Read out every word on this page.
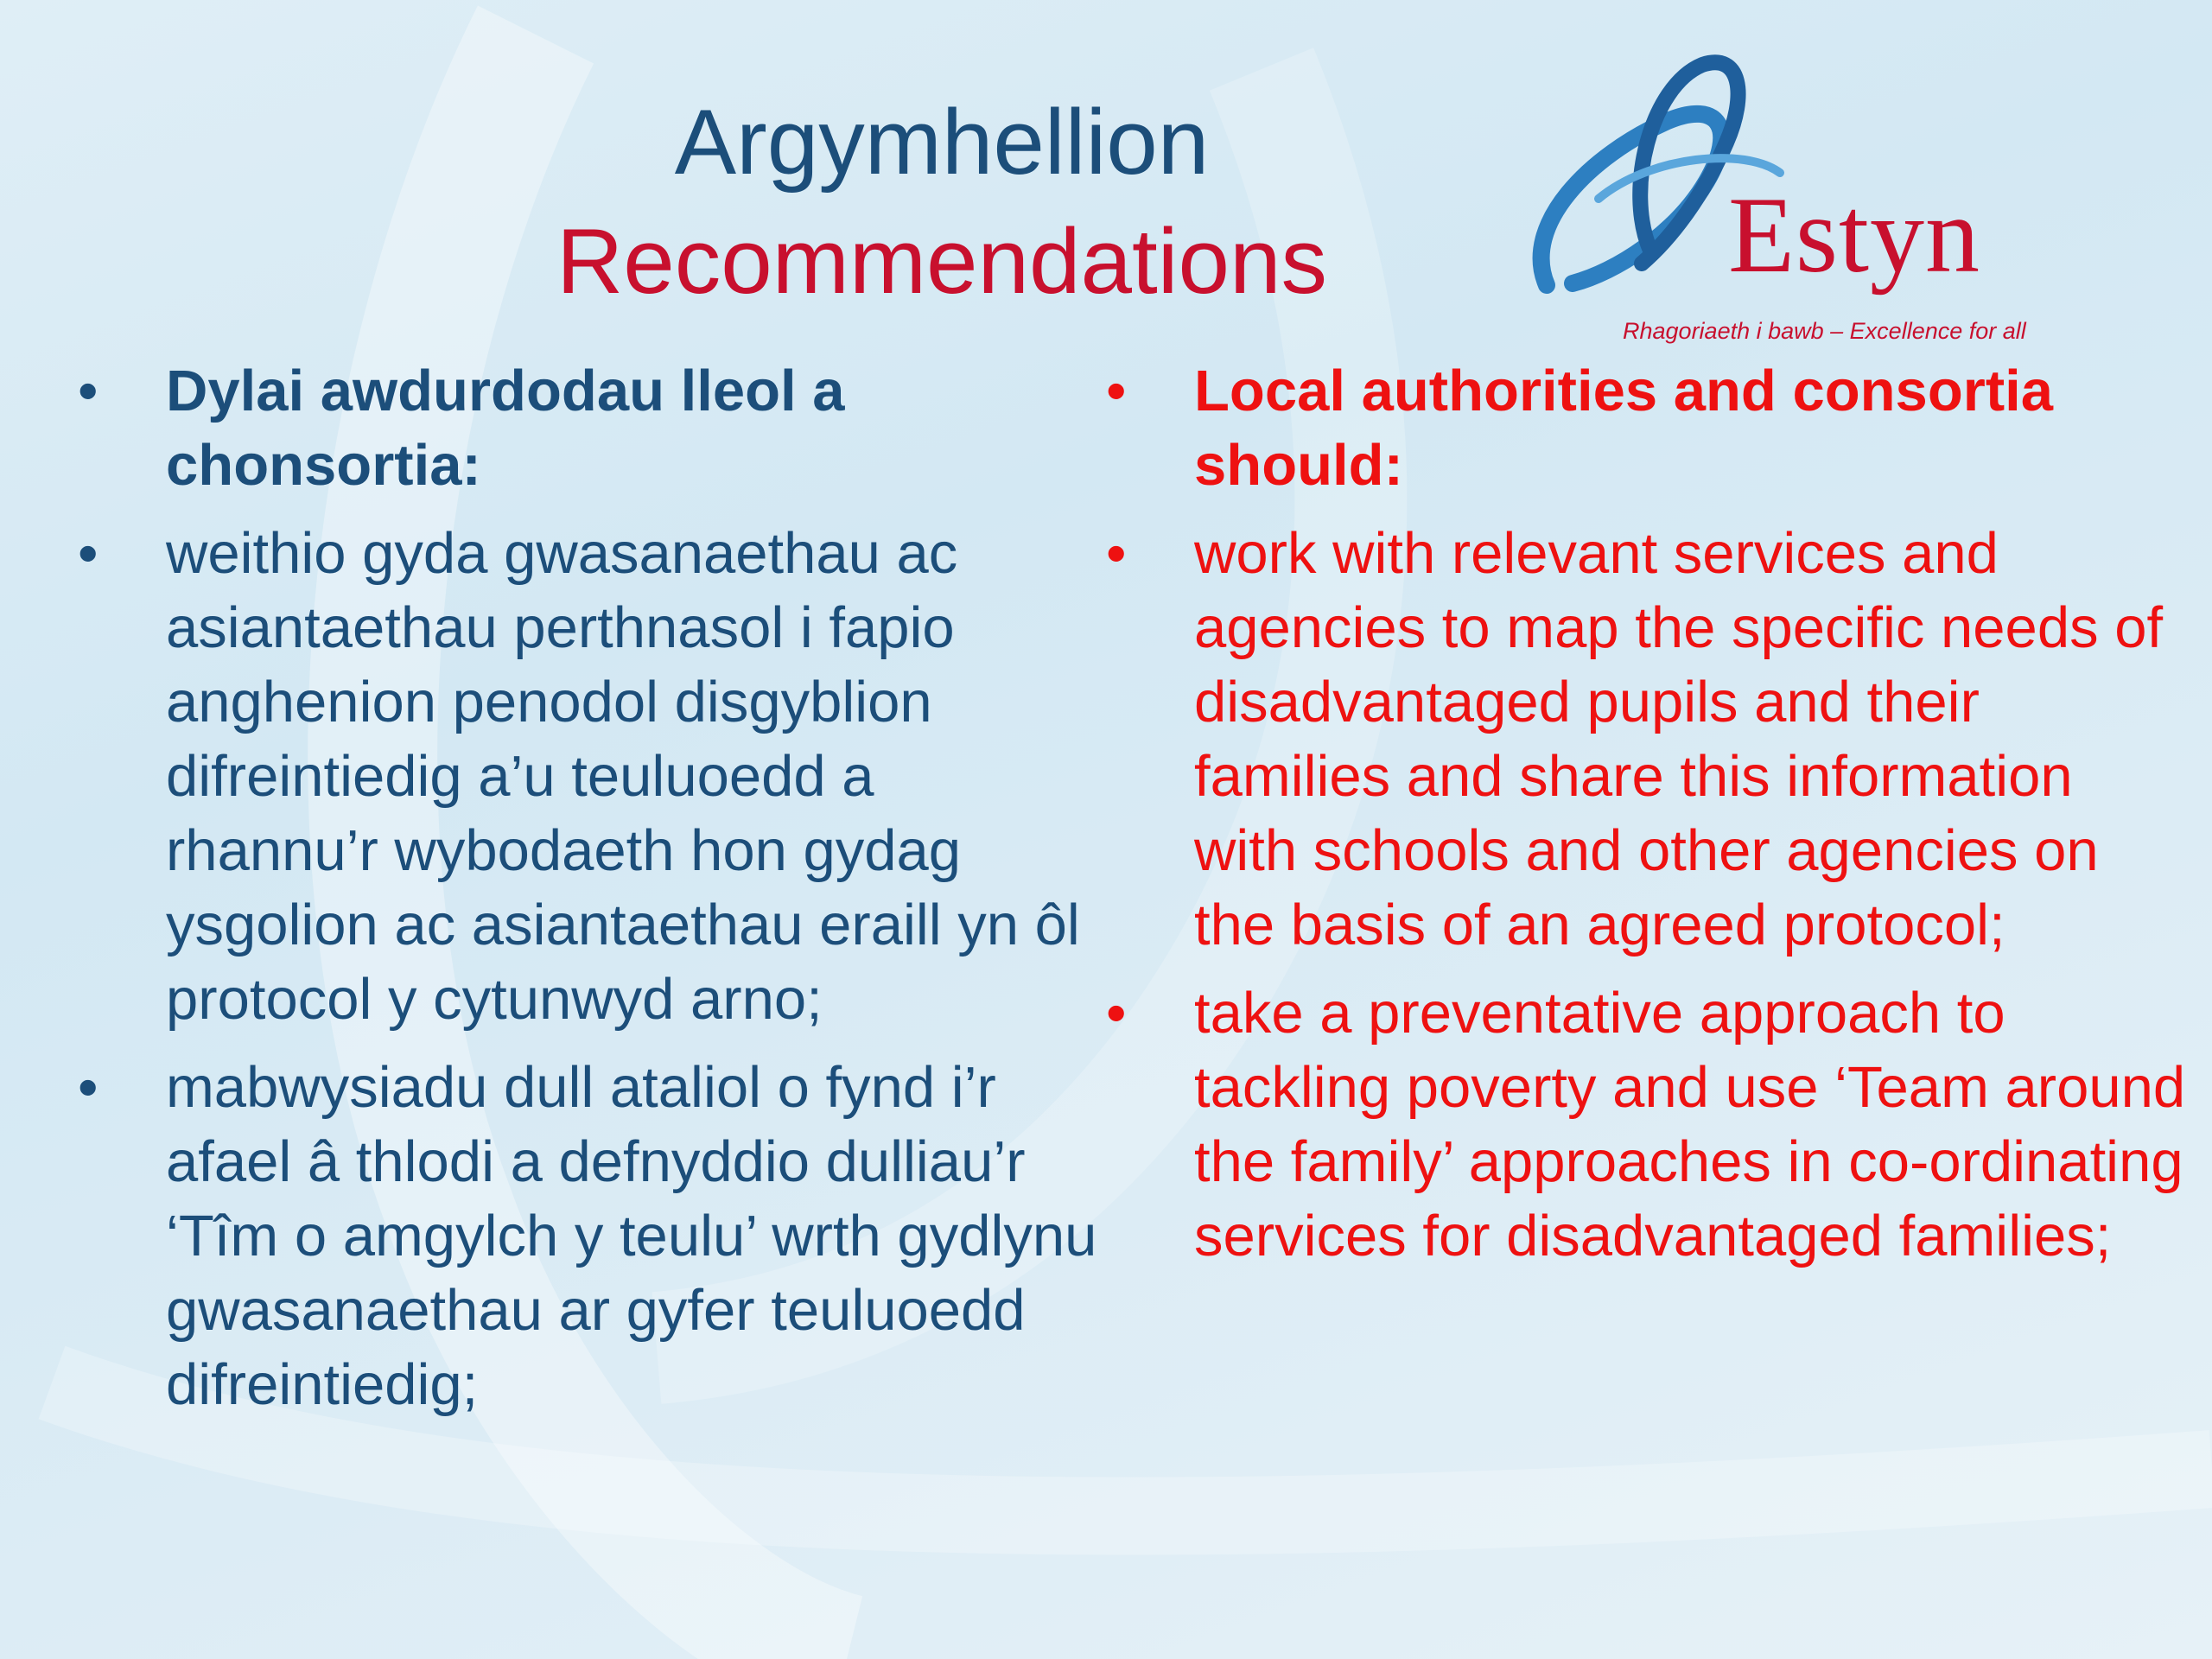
Argymhellion
Recommendations	Estyn
Rhagoriaeth i bawb – Excellence for all
• Dylai awdurdodau lleol a chonsortia:
• weithio gyda gwasanaethau ac asiantaethau perthnasol i fapio anghenion penodol disgyblion difreintiedig a’u teuluoedd a rhannu’r wybodaeth hon gydag ysgolion ac asiantaethau eraill yn ôl protocol y cytunwyd arno;
• mabwysiadu dull ataliol o fynd i’r afael â thlodi a defnyddio dulliau’r ‘Tîm o amgylch y teulu’ wrth gydlynu gwasanaethau ar gyfer teuluoedd difreintiedig;
• Local authorities and consortia should:
• work with relevant services and agencies to map the specific needs of disadvantaged pupils and their families and share this information with schools and other agencies on the basis of an agreed protocol;
• take a preventative approach to tackling poverty and use ‘Team around the family’ approaches in co-ordinating services for disadvantaged families;
